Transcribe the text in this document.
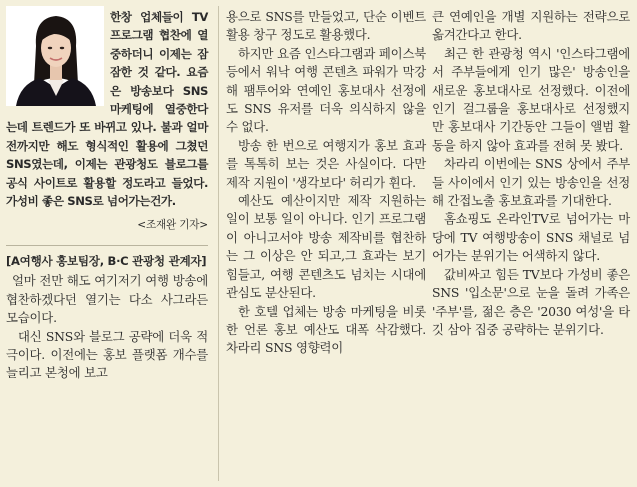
한창 업체들이 TV프로그램 협찬에 열중하더니 이제는 잠잠한 것 같다. 요즘은 방송보다 SNS 마케팅에 열중한다는데 트렌드가 또 바뀌고 있나. 불과 얼마 전까지만 해도 형식적인 활용에 그쳤던 SNS였는데, 이제는 관광청도 블로그를 공식 사이트로 활용할 정도라고 들었다. 가성비 좋은 SNS로 넘어가는건가.
<조재완 기자>
[A여행사 홍보팀장, B·C 관광청 관계자]

얼마 전만 해도 여기저기 여행 방송에 협찬하겠다던 열기는 다소 사그라든 모습이다.

대신 SNS와 블로그 공략에 더욱 적극이다. 이전에는 홍보 플랫폼 개수를 늘리고 본청에 보고

용으로 SNS를 만들었고, 단순 이벤트 활용 창구 정도로 활용했다.

하지만 요즘 인스타그램과 페이스북 등에서 워낙 여행 콘텐츠 파워가 막강해 팸투어와 연예인 홍보대사 선정에도 SNS 유저를 더욱 의식하지 않을 수 없다.

방송 한 번으로 여행지가 홍보 효과를 톡톡히 보는 것은 사실이다. 다만 제작 지원이 '생각보다' 허리가 휜다.

예산도 예산이지만 제작 지원하는 일이 보통 일이 아니다. 인기 프로그램이 아니고서야 방송 제작비를 협찬하는 그 이상은 안 되고,그 효과는 보기 힘들고, 여행 콘텐츠도 넘치는 시대에 관심도 분산된다.

한 호텔 업체는 방송 마케팅을 비롯한 언론 홍보 예산도 대폭 삭감했다. 차라리 SNS 영향력이

큰 연예인을 개별 지원하는 전략으로 옮겨간다고 한다.

최근 한 관광청 역시 '인스타그램에서 주부들에게 인기 많은' 방송인을 새로운 홍보대사로 선정했다. 이전에 인기 걸그룹을 홍보대사로 선정했지만 홍보대사 기간동안 그들이 앨범 활동을 하지 않아 효과를 전혀 못 봤다.

차라리 이번에는 SNS 상에서 주부들 사이에서 인기 있는 방송인을 선정해 간접노출 홍보효과를 기대한다.

홈쇼핑도 온라인TV로 넘어가는 마당에 TV 여행방송이 SNS 채널로 넘어가는 분위기는 어색하지 않다.

값비싸고 힘든 TV보다 가성비 좋은 SNS '입소문'으로 눈을 돌려 가족은 '주부'를, 젊은 층은 '2030 여성'을 타깃 삼아 집중 공략하는 분위기다.
